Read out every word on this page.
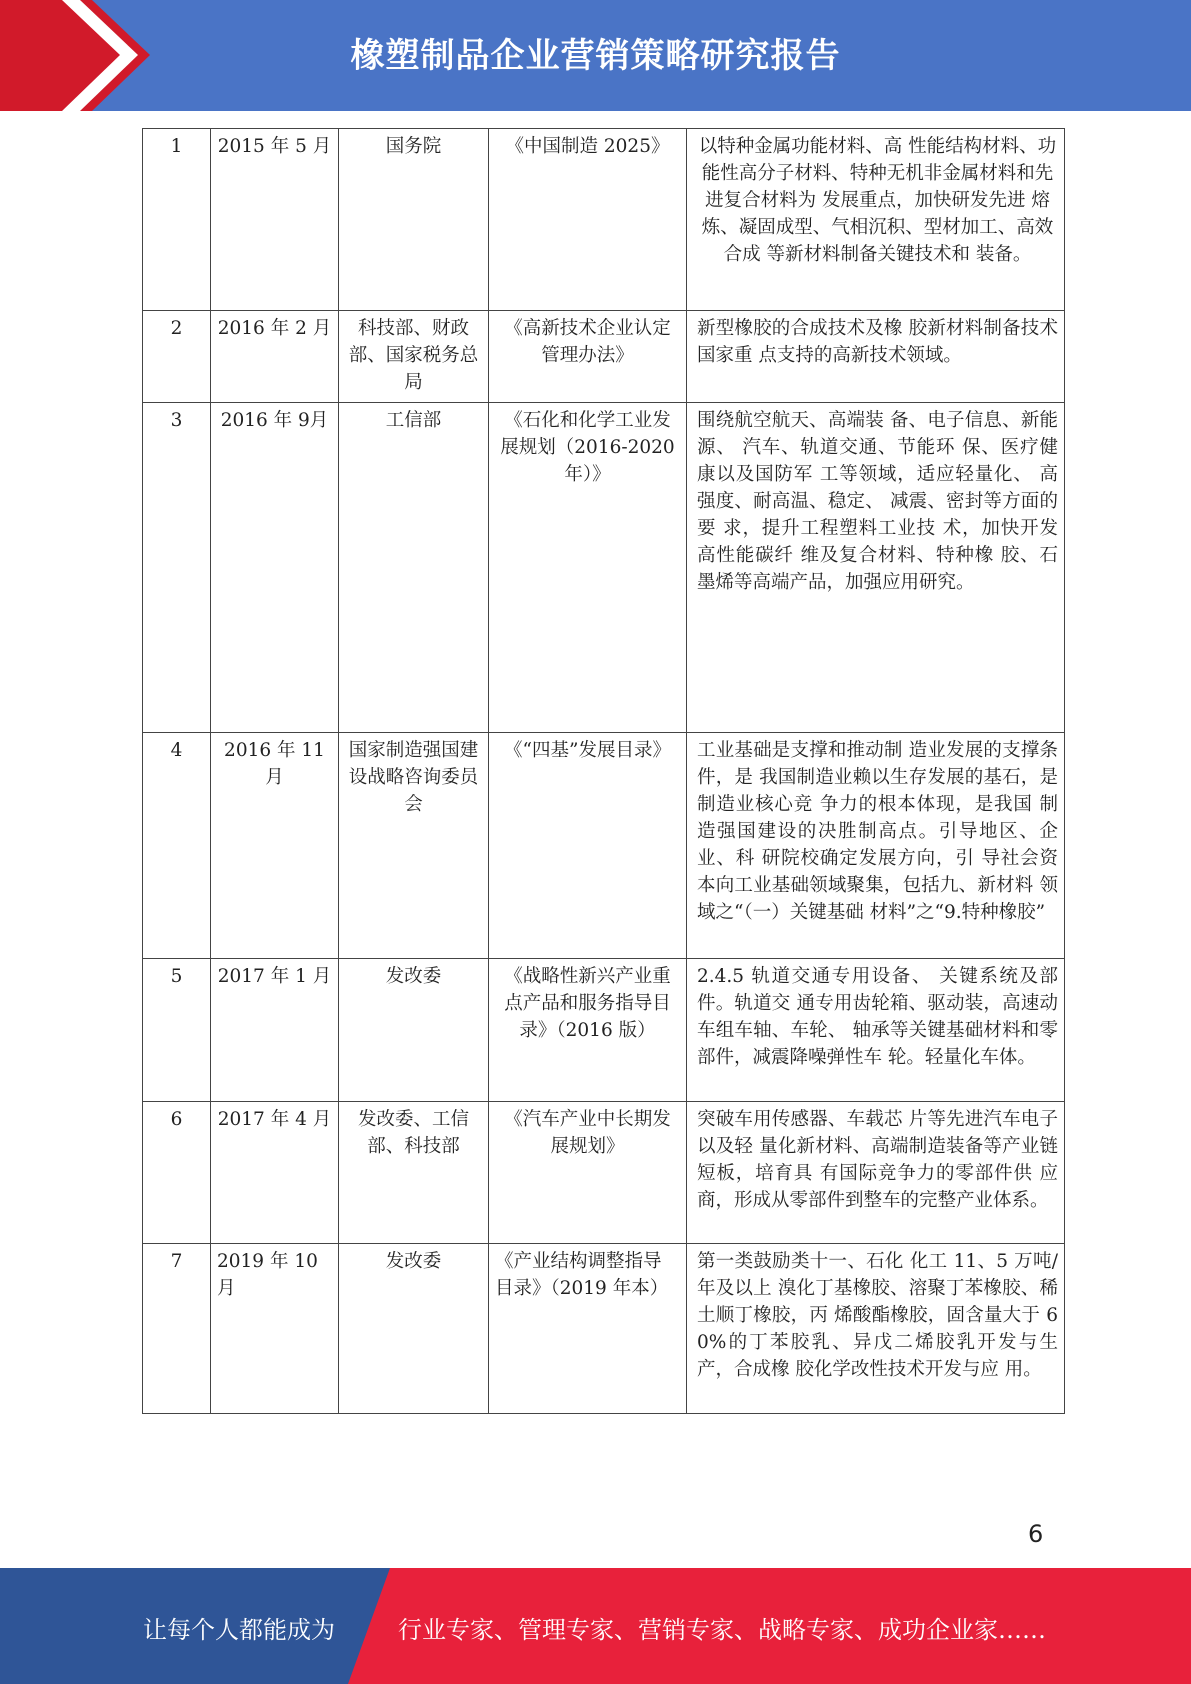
橡塑制品企业营销策略研究报告
1	2015 年 5 月	国务院	《中国制造 2025》	以特种金属功能材料、高 性能结构材料、功能性高分子材料、特种无机非金属材料和先进复合材料为 发展重点，加快研发先进 熔炼、凝固成型、气相沉积、型材加工、高效合成 等新材料制备关键技术和 装备。
2	2016 年 2 月	科技部、财政部、国家税务总 局	《高新技术企业认定 管理办法》	新型橡胶的合成技术及橡 胶新材料制备技术国家重 点支持的高新技术领域。
3	2016 年 9月	工信部	《石化和化学工业发 展规划（2016-2020 年）》	围绕航空航天、高端装 备、电子信息、新能源、 汽车、轨道交通、节能环 保、医疗健康以及国防军 工等领域，适应轻量化、 高强度、耐高温、稳定、 减震、密封等方面的要 求，提升工程塑料工业技 术，加快开发高性能碳纤 维及复合材料、特种橡 胶、石墨烯等高端产品，加强应用研究。
4	2016 年 11 月	国家制造强国建 设战略咨询委员 会	《“四基”发展目录》	工业基础是支撑和推动制 造业发展的支撑条件，是 我国制造业赖以生存发展的基石，是制造业核心竞 争力的根本体现，是我国 制造强国建设的决胜制高点。引导地区、企业、科 研院校确定发展方向，引 导社会资本向工业基础领域聚集，包括九、新材料 领域之“（一）关键基础 材料”之“9.特种橡胶”
5	2017 年 1 月	发改委	《战略性新兴产业重 点产品和服务指导目 录》（2016 版）	2.4.5 轨道交通专用设备、 关键系统及部件。轨道交 通专用齿轮箱、驱动装，高速动车组车轴、车轮、 轴承等关键基础材料和零 部件，减震降噪弹性车 轮。轻量化车体。
6	2017 年 4 月	发改委、工信部、科技部	《汽车产业中长期发 展规划》	突破车用传感器、车载芯 片等先进汽车电子以及轻 量化新材料、高端制造装备等产业链短板，培育具 有国际竞争力的零部件供 应商，形成从零部件到整车的完整产业体系。
7	2019 年 10 月	发改委	《产业结构调整指导 目录》（2019 年本）	第一类鼓励类十一、石化 化工 11、5 万吨/年及以上 溴化丁基橡胶、溶聚丁苯橡胶、稀土顺丁橡胶，丙 烯酸酯橡胶，固含量大于 60%的丁苯胶乳、异戊二烯胶乳开发与生产，合成橡 胶化学改性技术开发与应 用。
6
让每个人都能成为	行业专家、管理专家、营销专家、战略专家、成功企业家……
